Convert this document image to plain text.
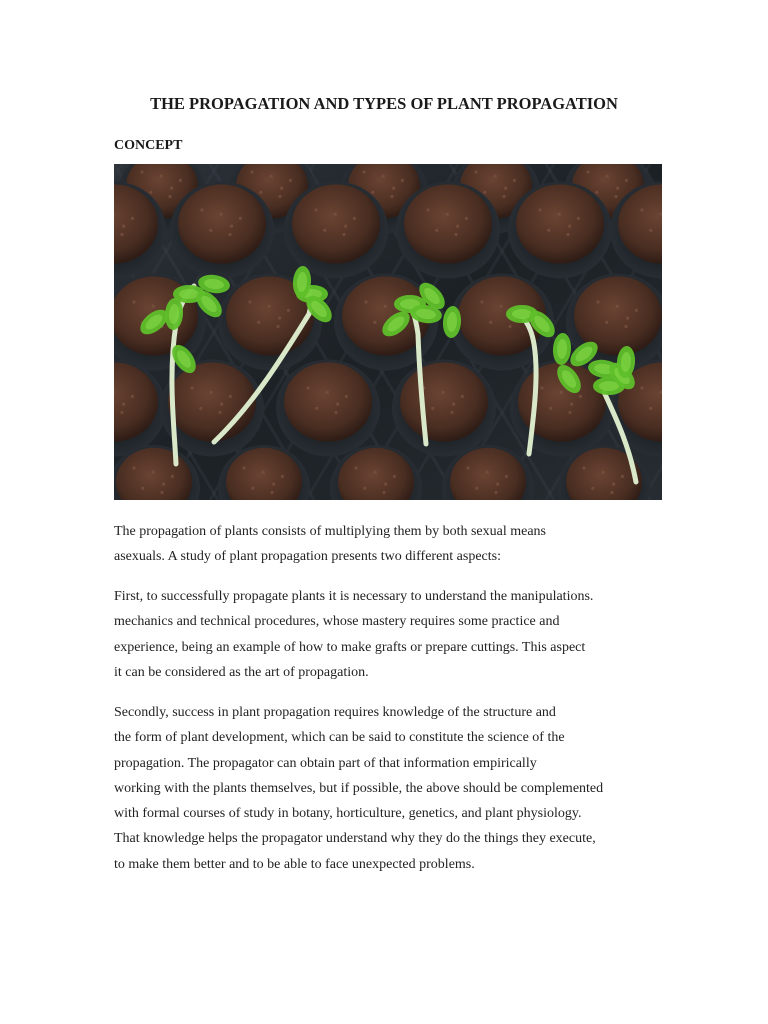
THE PROPAGATION AND TYPES OF PLANT PROPAGATION
CONCEPT
The propagation of plants consists of multiplying them by both sexual means
asexuals. A study of plant propagation presents two different aspects:
First, to successfully propagate plants it is necessary to understand the manipulations.
mechanics and technical procedures, whose mastery requires some practice and
experience, being an example of how to make grafts or prepare cuttings. This aspect
it can be considered as the art of propagation.
Secondly, success in plant propagation requires knowledge of the structure and
the form of plant development, which can be said to constitute the science of the
propagation. The propagator can obtain part of that information empirically
working with the plants themselves, but if possible, the above should be complemented
with formal courses of study in botany, horticulture, genetics, and plant physiology.
That knowledge helps the propagator understand why they do the things they execute,
to make them better and to be able to face unexpected problems.
